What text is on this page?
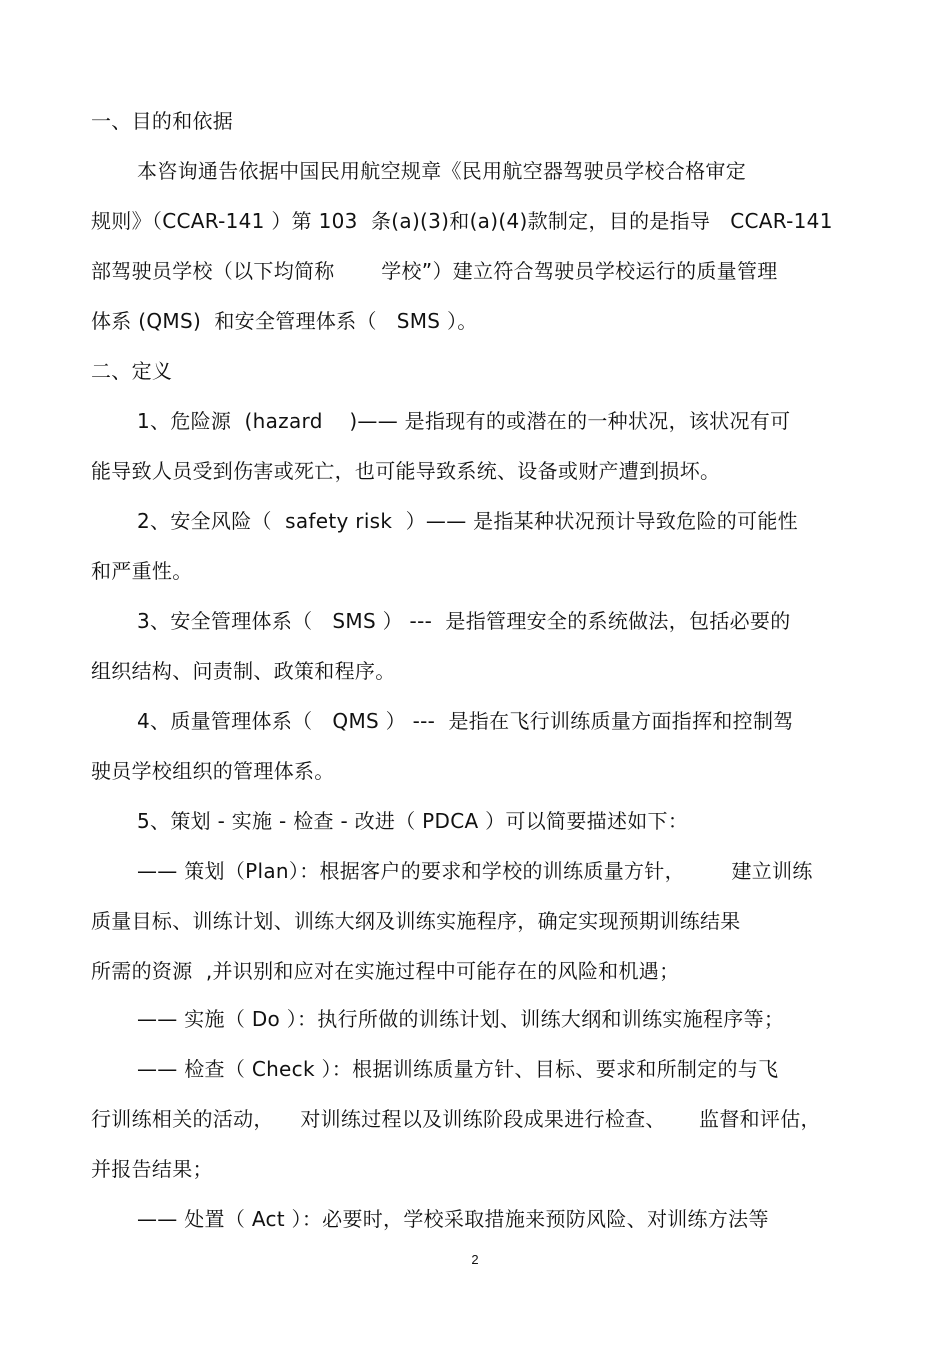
一、目的和依据
本咨询通告依据中国民用航空规章《民用航空器驾驶员学校合格审定
规则》（CCAR-141 ）第 103  条(a)(3)和(a)(4)款制定，目的是指导   CCAR-141
部驾驶员学校（以下均简称       学校”）建立符合驾驶员学校运行的质量管理
体系 (QMS)  和安全管理体系（   SMS ）。
二、定义
1、危险源  (hazard    )—— 是指现有的或潜在的一种状况，该状况有可
能导致人员受到伤害或死亡，也可能导致系统、设备或财产遭到损坏。
2、安全风险（  safety risk  ）—— 是指某种状况预计导致危险的可能性
和严重性。
3、安全管理体系（   SMS ） ---  是指管理安全的系统做法，包括必要的
组织结构、问责制、政策和程序。
4、质量管理体系（   QMS ） ---  是指在飞行训练质量方面指挥和控制驾
驶员学校组织的管理体系。
5、策划 - 实施 - 检查 - 改进（ PDCA ）可以简要描述如下：
—— 策划（Plan）：根据客户的要求和学校的训练质量方针，       建立训练
质量目标、训练计划、训练大纲及训练实施程序，确定实现预期训练结果
所需的资源  ,并识别和应对在实施过程中可能存在的风险和机遇；
—— 实施（ Do ）：执行所做的训练计划、训练大纲和训练实施程序等；
—— 检查（ Check ）：根据训练质量方针、目标、要求和所制定的与飞
行训练相关的活动，    对训练过程以及训练阶段成果进行检查、     监督和评估，
并报告结果；
—— 处置（ Act ）：必要时，学校采取措施来预防风险、对训练方法等
2
